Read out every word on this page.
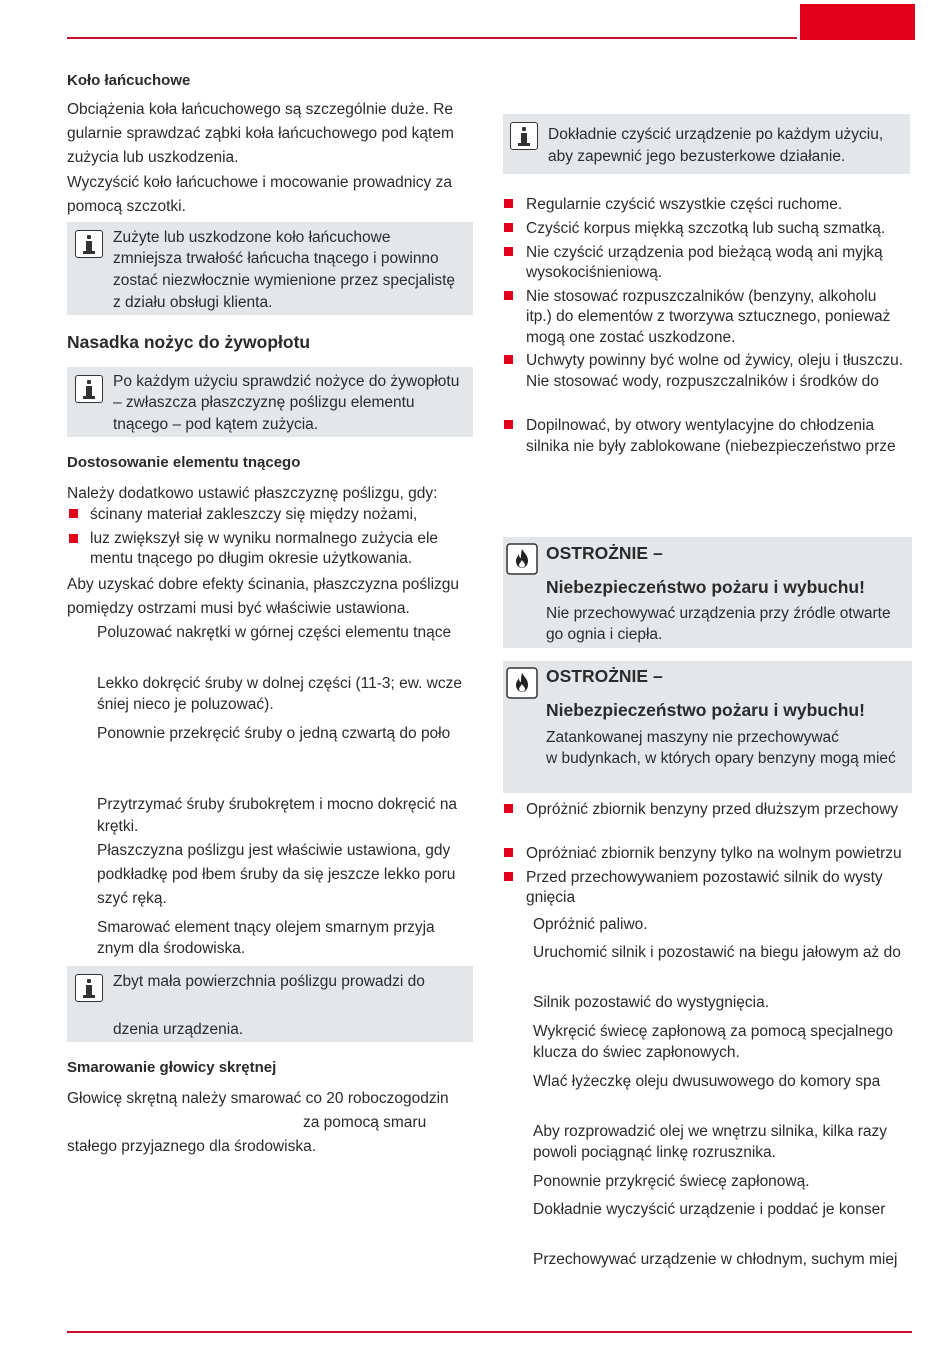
Koło łańcuchowe
Obciążenia koła łańcuchowego są szczególnie duże. Re
gularnie sprawdzać ząbki koła łańcuchowego pod kątem
zużycia lub uszkodzenia.
Wyczyścić koło łańcuchowe i mocowanie prowadnicy za
pomocą szczotki.
Zużyte lub uszkodzone koło łańcuchowe
zmniejsza trwałość łańcucha tnącego i powinno
zostać niezwłocznie wymienione przez specjalistę
z działu obsługi klienta.
Nasadka nożyc do żywopłotu
Po każdym użyciu sprawdzić nożyce do żywopłotu
– zwłaszcza płaszczyznę poślizgu elementu
tnącego – pod kątem zużycia.
Dostosowanie elementu tnącego
Należy dodatkowo ustawić płaszczyznę poślizgu, gdy:
ścinany materiał zakleszczy się między nożami,
luz zwiększył się w wyniku normalnego zużycia ele
mentu tnącego po długim okresie użytkowania.
Aby uzyskać dobre efekty ścinania, płaszczyzna poślizgu
pomiędzy ostrzami musi być właściwie ustawiona.
Poluzować nakrętki w górnej części elementu tnące
Lekko dokręcić śruby w dolnej części (11-3; ew. wcze
śniej nieco je poluzować).
Ponownie przekręcić śruby o jedną czwartą do poło
Przytrzymać śruby śrubokrętem i mocno dokręcić na
krętki.
Płaszczyzna poślizgu jest właściwie ustawiona, gdy
podkładkę pod łbem śruby da się jeszcze lekko poru
szyć ręką.
Smarować element tnący olejem smarnym przyja
znym dla środowiska.
Zbyt mała powierzchnia poślizgu prowadzi do
dzenia urządzenia.
Smarowanie głowicy skrętnej
Głowicę skrętną należy smarować co 20 roboczogodzin
za pomocą smaru
stałego przyjaznego dla środowiska.
Dokładnie czyścić urządzenie po każdym użyciu,
aby zapewnić jego bezusterkowe działanie.
Regularnie czyścić wszystkie części ruchome.
Czyścić korpus miękką szczotką lub suchą szmatką.
Nie czyścić urządzenia pod bieżącą wodą ani myjką
wysokociśnieniową.
Nie stosować rozpuszczalników (benzyny, alkoholu
itp.) do elementów z tworzywa sztucznego, ponieważ
mogą one zostać uszkodzone.
Uchwyty powinny być wolne od żywicy, oleju i tłuszczu.
Nie stosować wody, rozpuszczalników i środków do
Dopilnować, by otwory wentylacyjne do chłodzenia
silnika nie były zablokowane (niebezpieczeństwo prze
OSTROŻNIE –
Niebezpieczeństwo pożaru i wybuchu!
Nie przechowywać urządzenia przy źródle otwarte
go ognia i ciepła.
OSTROŻNIE –
Niebezpieczeństwo pożaru i wybuchu!
Zatankowanej maszyny nie przechowywać
w budynkach, w których opary benzyny mogą mieć
Opróżnić zbiornik benzyny przed dłuższym przechowy
Opróżniać zbiornik benzyny tylko na wolnym powietrzu
Przed przechowywaniem pozostawić silnik do wysty
gnięcia
Opróżnić paliwo.
Uruchomić silnik i pozostawić na biegu jałowym aż do
Silnik pozostawić do wystygnięcia.
Wykręcić świecę zapłonową za pomocą specjalnego
klucza do świec zapłonowych.
Wlać łyżeczkę oleju dwusuwowego do komory spa
Aby rozprowadzić olej we wnętrzu silnika, kilka razy
powoli pociągnąć linkę rozrusznika.
Ponownie przykręcić świecę zapłonową.
Dokładnie wyczyścić urządzenie i poddać je konser
Przechowywać urządzenie w chłodnym, suchym miej
